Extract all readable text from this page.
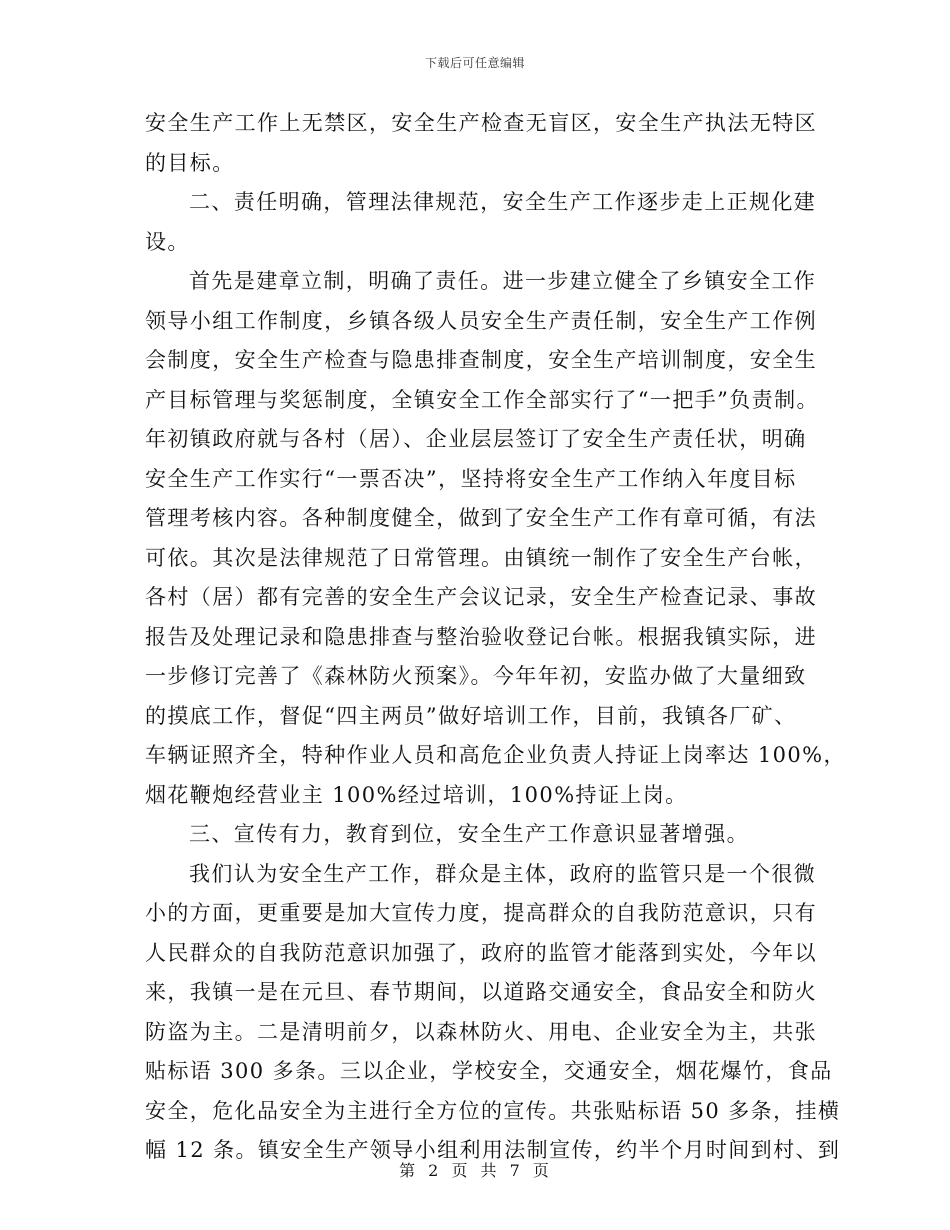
下载后可任意编辑
安全生产工作上无禁区，安全生产检查无盲区，安全生产执法无特区
的目标。
二、责任明确，管理法律规范，安全生产工作逐步走上正规化建
设。
首先是建章立制，明确了责任。进一步建立健全了乡镇安全工作
领导小组工作制度，乡镇各级人员安全生产责任制，安全生产工作例
会制度，安全生产检查与隐患排查制度，安全生产培训制度，安全生
产目标管理与奖惩制度，全镇安全工作全部实行了“一把手”负责制。
年初镇政府就与各村（居）、企业层层签订了安全生产责任状，明确
安全生产工作实行“一票否决”，坚持将安全生产工作纳入年度目标
管理考核内容。各种制度健全，做到了安全生产工作有章可循，有法
可依。其次是法律规范了日常管理。由镇统一制作了安全生产台帐，
各村（居）都有完善的安全生产会议记录，安全生产检查记录、事故
报告及处理记录和隐患排查与整治验收登记台帐。根据我镇实际，进
一步修订完善了《森林防火预案》。今年年初，安监办做了大量细致
的摸底工作，督促“四主两员”做好培训工作，目前，我镇各厂矿、
车辆证照齐全，特种作业人员和高危企业负责人持证上岗率达 100%，
烟花鞭炮经营业主 100%经过培训，100%持证上岗。
三、宣传有力，教育到位，安全生产工作意识显著增强。
我们认为安全生产工作，群众是主体，政府的监管只是一个很微
小的方面，更重要是加大宣传力度，提高群众的自我防范意识，只有
人民群众的自我防范意识加强了，政府的监管才能落到实处，今年以
来，我镇一是在元旦、春节期间，以道路交通安全，食品安全和防火
防盗为主。二是清明前夕，以森林防火、用电、企业安全为主，共张
贴标语 300 多条。三以企业，学校安全，交通安全，烟花爆竹，食品
安全，危化品安全为主进行全方位的宣传。共张贴标语 50 多条，挂横
幅 12 条。镇安全生产领导小组利用法制宣传，约半个月时间到村、到
第 2 页 共 7 页
